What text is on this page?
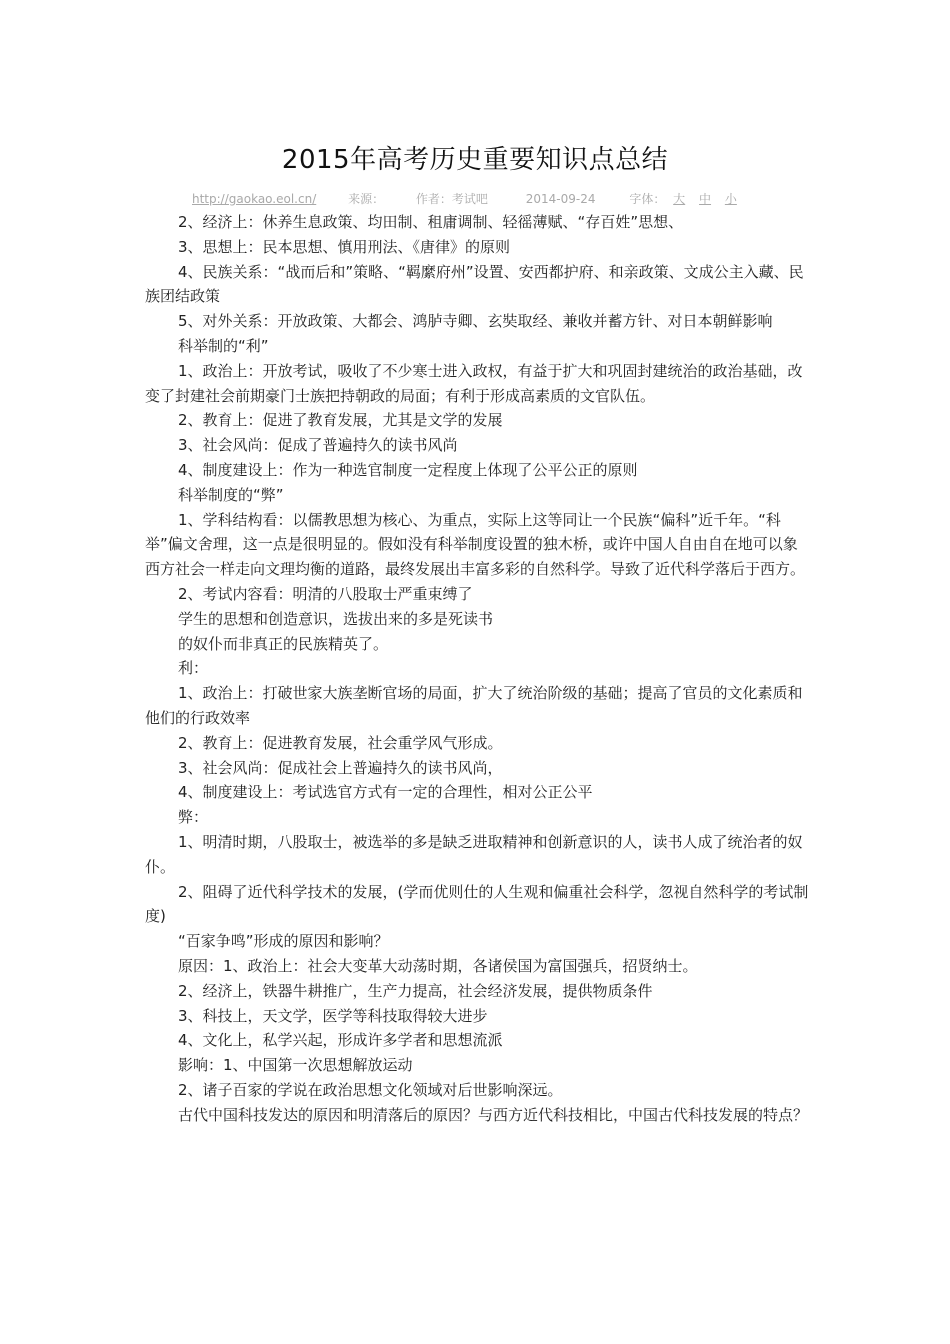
2015年高考历史重要知识点总结
http://gaokao.eol.cn/	来源：	作者：考试吧	2014-09-24	字体： 大 中 小

2、经济上：休养生息政策、均田制、租庸调制、轻徭薄赋、“存百姓”思想、

3、思想上：民本思想、慎用刑法、《唐律》的原则

4、民族关系：“战而后和”策略、“羁縻府州”设置、安西都护府、和亲政策、文成公主入藏、民族团结政策

5、对外关系：开放政策、大都会、鸿胪寺卿、玄奘取经、兼收并蓄方针、对日本朝鲜影响

科举制的“利”

1、政治上：开放考试，吸收了不少寒士进入政权，有益于扩大和巩固封建统治的政治基础，改变了封建社会前期豪门士族把持朝政的局面；有利于形成高素质的文官队伍。

2、教育上：促进了教育发展，尤其是文学的发展

3、社会风尚：促成了普遍持久的读书风尚

4、制度建设上：作为一种选官制度一定程度上体现了公平公正的原则

科举制度的“弊”

1、学科结构看：以儒教思想为核心、为重点，实际上这等同让一个民族“偏科”近千年。“科举”偏文舍理，这一点是很明显的。假如没有科举制度设置的独木桥，或许中国人自由自在地可以象西方社会一样走向文理均衡的道路，最终发展出丰富多彩的自然科学。导致了近代科学落后于西方。

2、考试内容看：明清的八股取士严重束缚了

学生的思想和创造意识，选拔出来的多是死读书

的奴仆而非真正的民族精英了。

利：

1、政治上：打破世家大族垄断官场的局面，扩大了统治阶级的基础；提高了官员的文化素质和他们的行政效率

2、教育上：促进教育发展，社会重学风气形成。

3、社会风尚：促成社会上普遍持久的读书风尚，

4、制度建设上：考试选官方式有一定的合理性，相对公正公平

弊：

1、明清时期，八股取士，被选举的多是缺乏进取精神和创新意识的人，读书人成了统治者的奴仆。

2、阻碍了近代科学技术的发展，(学而优则仕的人生观和偏重社会科学，忽视自然科学的考试制度)

“百家争鸣”形成的原因和影响？

原因：1、政治上：社会大变革大动荡时期，各诸侯国为富国强兵，招贤纳士。

2、经济上，铁器牛耕推广，生产力提高，社会经济发展，提供物质条件

3、科技上，天文学，医学等科技取得较大进步

4、文化上，私学兴起，形成许多学者和思想流派

影响：1、中国第一次思想解放运动

2、诸子百家的学说在政治思想文化领域对后世影响深远。

古代中国科技发达的原因和明清落后的原因？与西方近代科技相比，中国古代科技发展的特点？
